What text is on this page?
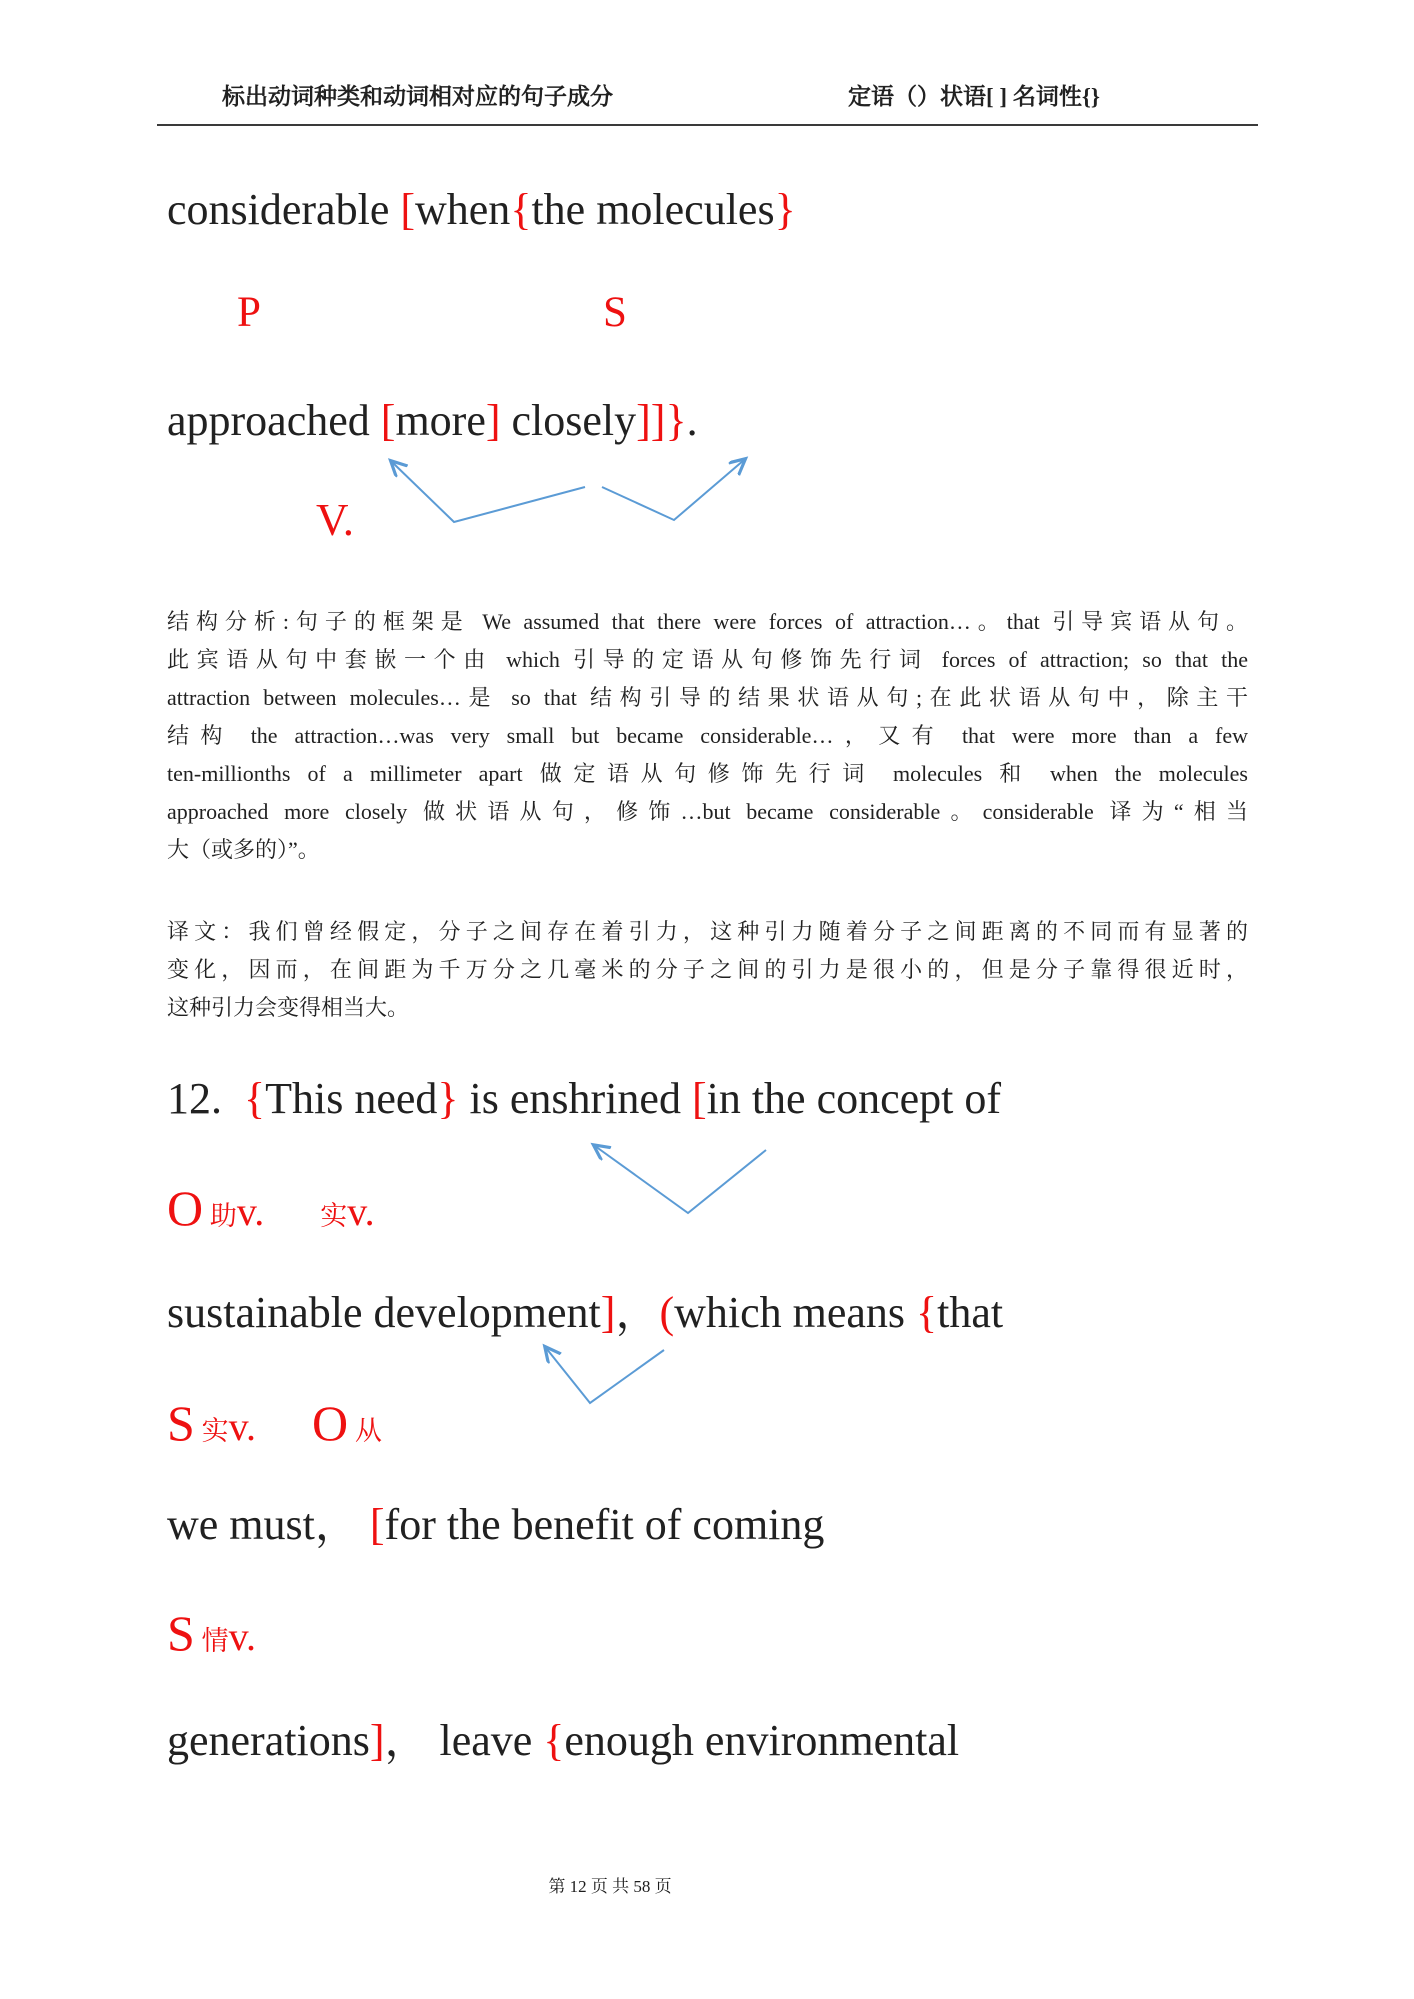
标出动词种类和动词相对应的句子成分	定语（）状语[ ] 名词性{}
considerable [when{the molecules}
P	S
approached [more] closely]]}.
V.
结构分析:句子的框架是 We assumed that there were forces of attraction…。that 引导宾语从句。
此宾语从句中套嵌一个由 which 引导的定语从句修饰先行词 forces of attraction; so that the
attraction between molecules…是 so that 结构引导的结果状语从句;在此状语从句中，除主干
结构 the attraction…was very small but became considerable…，又有 that were more than a few
ten-millionths of a millimeter apart 做定语从句修饰先行词 molecules 和 when the molecules
approached more closely 做状语从句，修饰…but became considerable。considerable 译为“相当
大（或多的）”。
译文：我们曾经假定，分子之间存在着引力，这种引力随着分子之间距离的不同而有显著的
变化，因而，在间距为千万分之几毫米的分子之间的引力是很小的，但是分子靠得很近时，
这种引力会变得相当大。
12.  {This need} is enshrined [in the concept of
O 助v. 实v.
sustainable development]，(which means {that
S 实v. O 从
we must， [for the benefit of coming
S 情v.
generations]， leave {enough environmental
第 12 页 共 58 页
